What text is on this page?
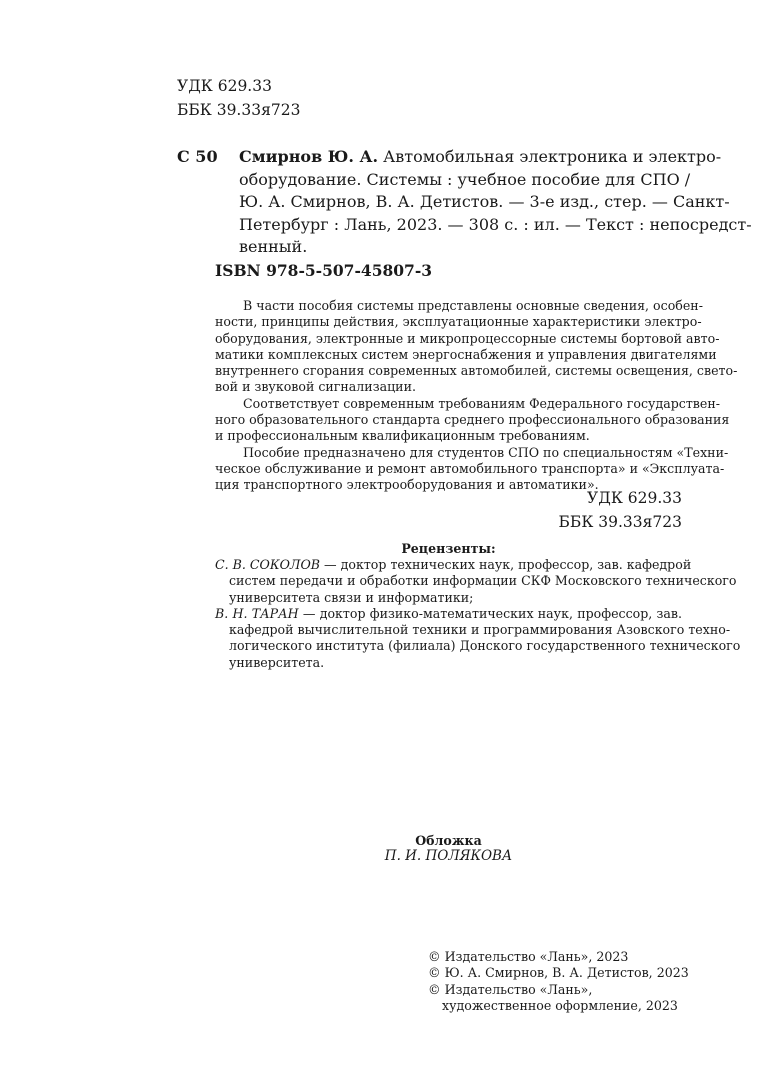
УДК 629.33
ББК 39.33я723
С 50 Смирнов Ю. А. Автомобильная электроника и электро-
оборудование. Системы : учебное пособие для СПО /
Ю. А. Смирнов, В. А. Детистов. — 3-е изд., стер. — Санкт-
Петербург : Лань, 2023. — 308 с. : ил. — Текст : непосредст-
венный.
ISBN 978-5-507-45807-3

В части пособия системы представлены основные сведения, особен-
ности, принципы действия, эксплуатационные характеристики электро-
оборудования, электронные и микропроцессорные системы бортовой авто-
матики комплексных систем энергоснабжения и управления двигателями
внутреннего сгорания современных автомобилей, системы освещения, свето-
вой и звуковой сигнализации.

Соответствует современным требованиям Федерального государствен-
ного образовательного стандарта среднего профессионального образования
и профессиональным квалификационным требованиям.

Пособие предназначено для студентов СПО по специальностям «Техни-
ческое обслуживание и ремонт автомобильного транспорта» и «Эксплуата-
ция транспортного электрооборудования и автоматики».

УДК 629.33
ББК 39.33я723
Рецензенты:
С. В. СОКОЛОВ — доктор технических наук, профессор, зав. кафедрой
систем передачи и обработки информации СКФ Московского технического
университета связи и информатики;
В. Н. ТАРАН — доктор физико-математических наук, профессор, зав.
кафедрой вычислительной техники и программирования Азовского техно-
логического института (филиала) Донского государственного технического
университета.
Обложка
П. И. ПОЛЯКОВА
© Издательство «Лань», 2023
© Ю. А. Смирнов, В. А. Детистов, 2023
© Издательство «Лань»,
художественное оформление, 2023
